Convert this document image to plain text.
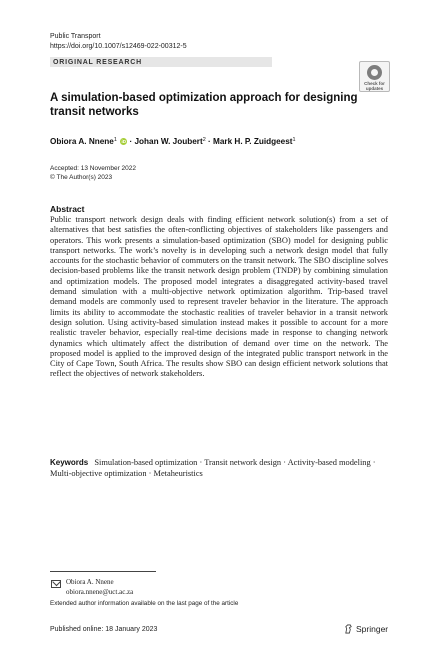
Public Transport
https://doi.org/10.1007/s12469-022-00312-5
ORIGINAL RESEARCH
Check for
updates
A simulation-based optimization approach for designing transit networks
Obiora A. Nnene$^1$ iD · Johan W. Joubert$^2$ · Mark H. P. Zuidgeest$^1$
Accepted: 13 November 2022
© The Author(s) 2023
Abstract
Public transport network design deals with finding efficient network solution(s) from a set of alternatives that best satisfies the often-conflicting objectives of stakeholders like passengers and operators. This work presents a simulation-based optimization (SBO) model for designing public transport networks. The work’s novelty is in developing such a network design model that fully accounts for the stochastic behavior of commuters on the transit network. The SBO discipline solves decision-based problems like the transit network design problem (TNDP) by combining simulation and optimization models. The proposed model integrates a disaggregated activity-based travel demand simulation with a multi-objective network optimization algorithm. Trip-based travel demand models are commonly used to represent traveler behavior in the literature. The approach limits its ability to accommodate the stochastic realities of traveler behavior in a transit network design solution. Using activity-based simulation instead makes it possible to account for a more realistic traveler behavior, especially real-time decisions made in response to changing network dynamics which ultimately affect the distribution of demand over time on the network. The proposed model is applied to the improved design of the integrated public transport network in the City of Cape Town, South Africa. The results show SBO can design efficient network solutions that reflect the objectives of network stakeholders.
Keywords Simulation-based optimization · Transit network design · Activity-based modeling · Multi-objective optimization · Metaheuristics
Obiora A. Nnene
obiora.nnene@uct.ac.za
Extended author information available on the last page of the article
Published online: 18 January 2023	Springer
